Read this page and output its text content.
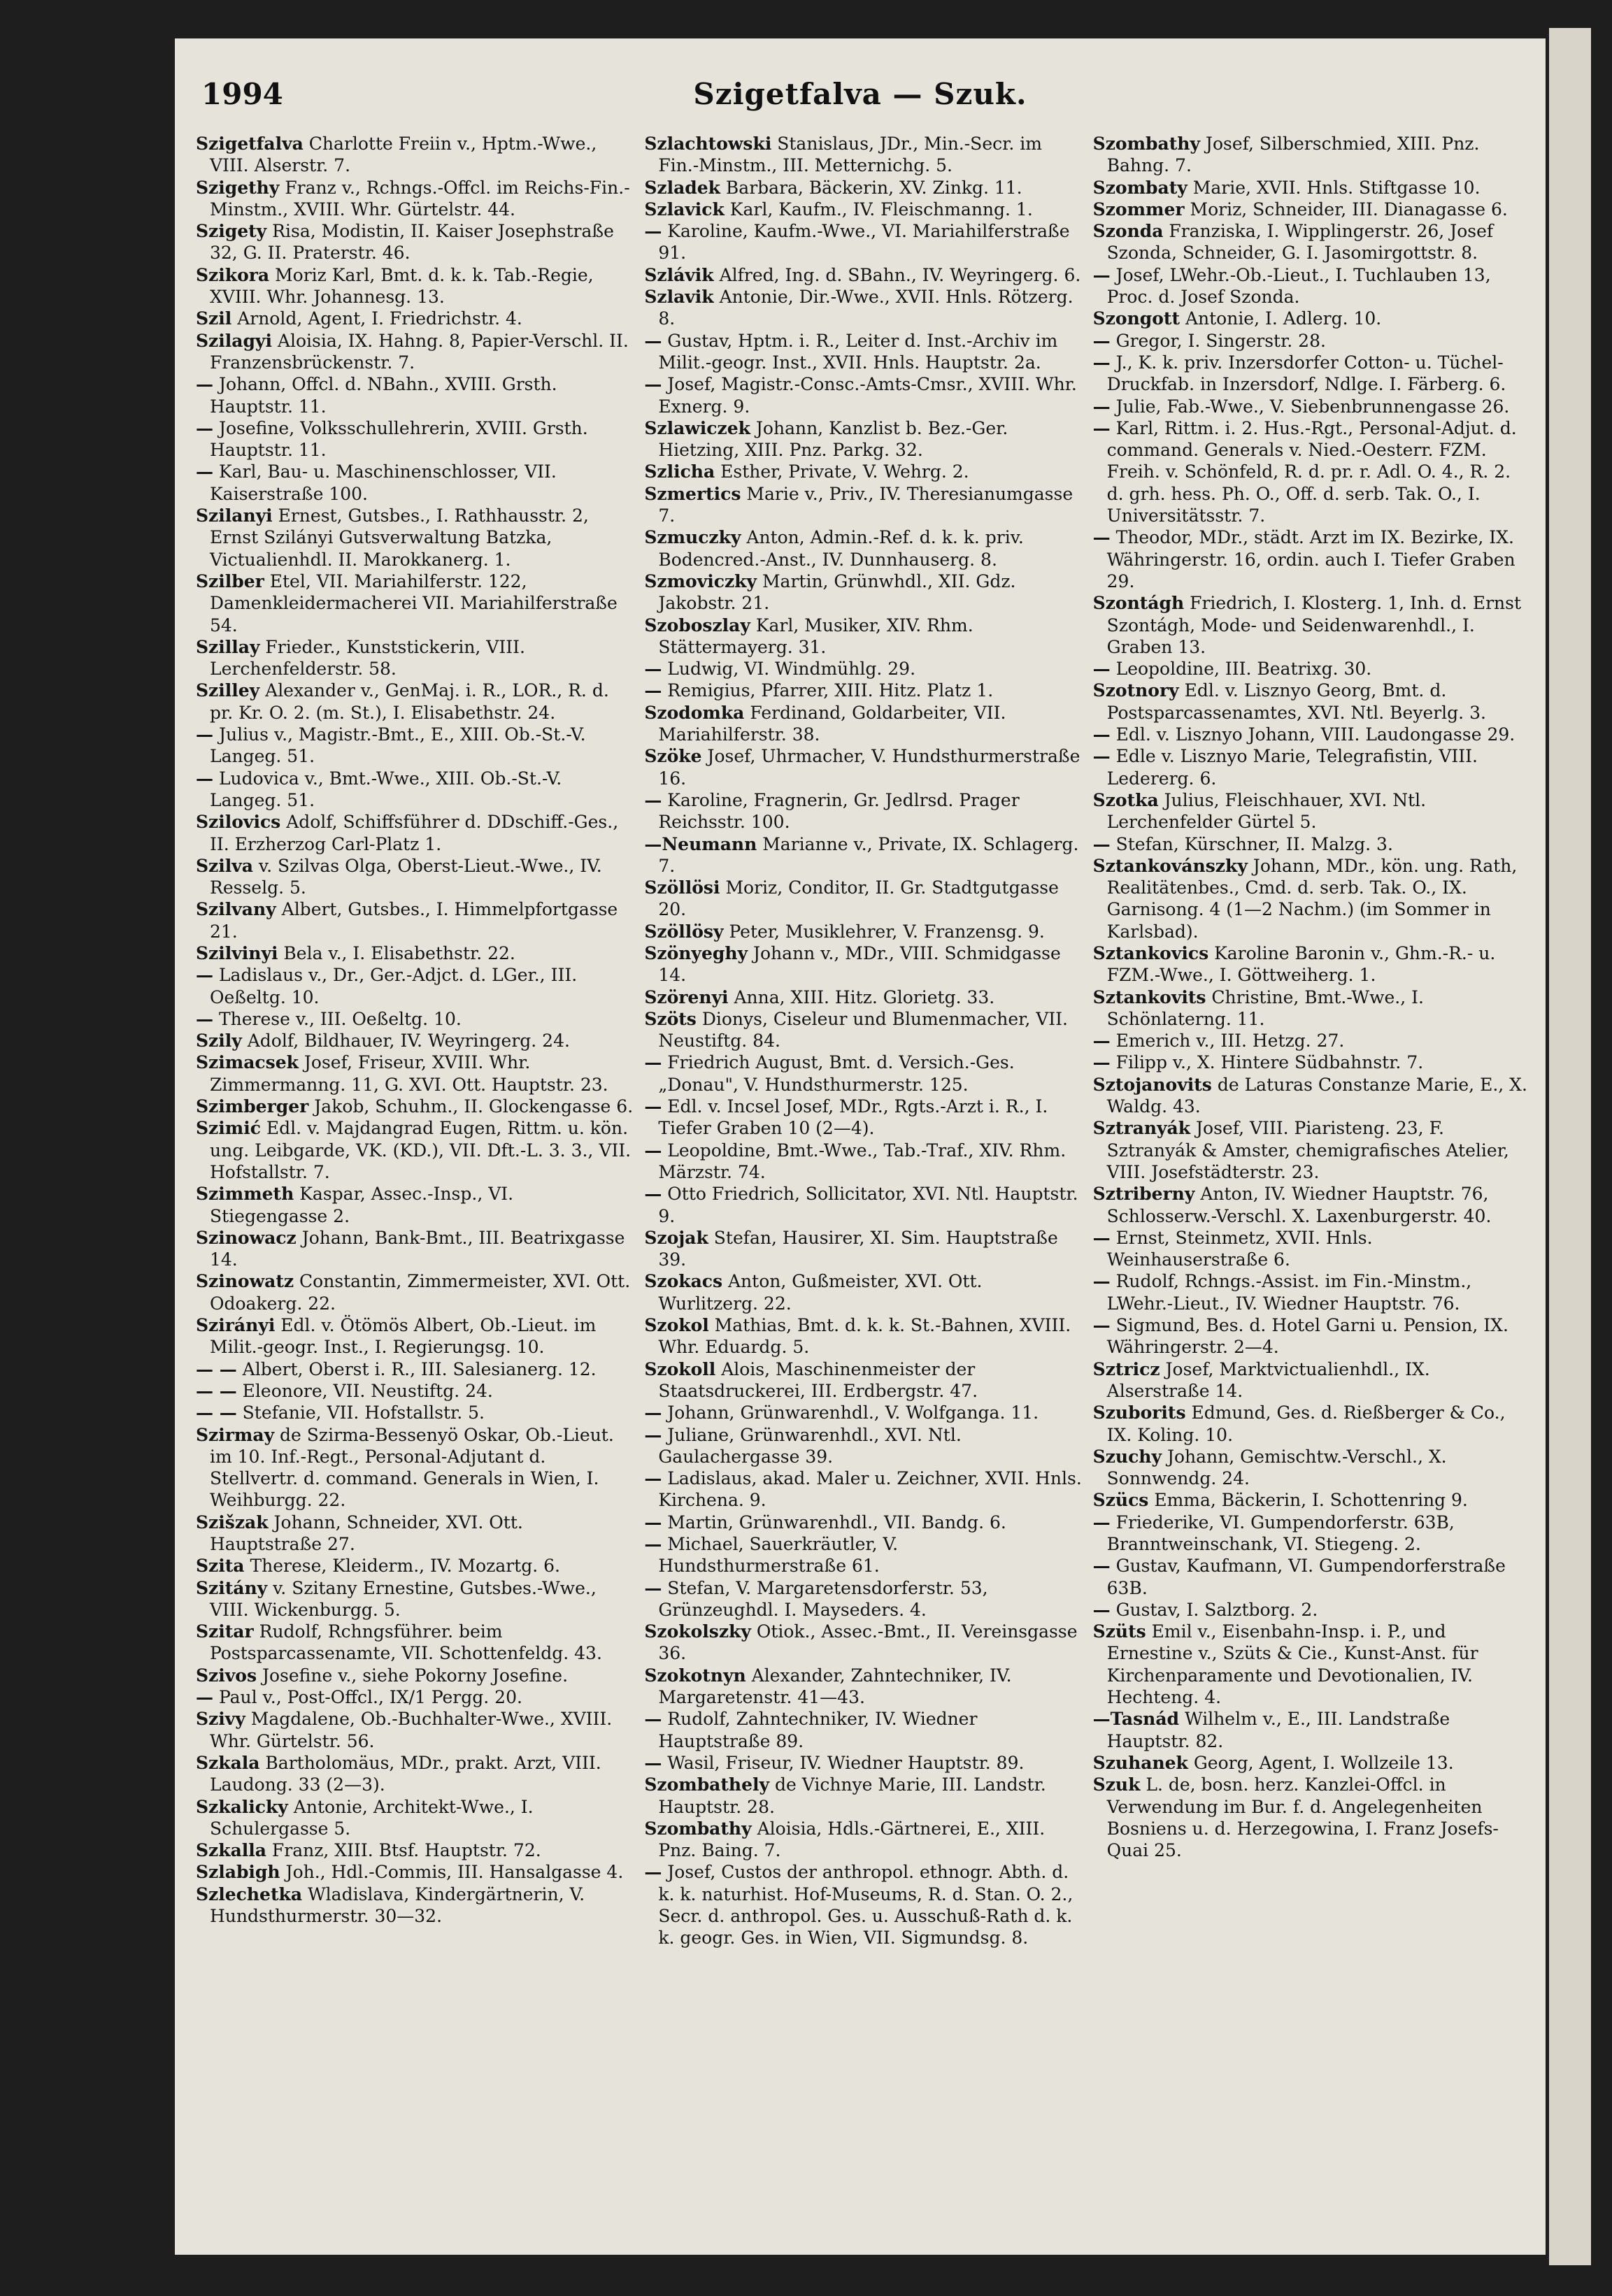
1994	Szigetfalva — Szuk.

Szigetfalva Charlotte Freiin v., Hptm.-Wwe., VIII. Alserstr. 7.

Szigethy Franz v., Rchngs.-Offcl. im Reichs-Fin.-Minstm., XVIII. Whr. Gürtelstr. 44.

Szigety Risa, Modistin, II. Kaiser Josephstraße 32, G. II. Praterstr. 46.

Szikora Moriz Karl, Bmt. d. k. k. Tab.-Regie, XVIII. Whr. Johannesg. 13.

Szil Arnold, Agent, I. Friedrichstr. 4.

Szilagyi Aloisia, IX. Hahng. 8, Papier-Verschl. II. Franzensbrückenstr. 7.

— Johann, Offcl. d. NBahn., XVIII. Grsth. Hauptstr. 11.

— Josefine, Volksschullehrerin, XVIII. Grsth. Hauptstr. 11.

— Karl, Bau- u. Maschinenschlosser, VII. Kaiserstraße 100.

Szilanyi Ernest, Gutsbes., I. Rathhausstr. 2, Ernst Szilányi Gutsverwaltung Batzka, Victualienhdl. II. Marokkanerg. 1.

Szilber Etel, VII. Mariahilferstr. 122, Damenkleidermacherei VII. Mariahilferstraße 54.

Szillay Frieder., Kunststickerin, VIII. Lerchenfelderstr. 58.

Szilley Alexander v., GenMaj. i. R., LOR., R. d. pr. Kr. O. 2. (m. St.), I. Elisabethstr. 24.

— Julius v., Magistr.-Bmt., E., XIII. Ob.-St.-V. Langeg. 51.

— Ludovica v., Bmt.-Wwe., XIII. Ob.-St.-V. Langeg. 51.

Szilovics Adolf, Schiffsführer d. DDschiff.-Ges., II. Erzherzog Carl-Platz 1.

Szilva v. Szilvas Olga, Oberst-Lieut.-Wwe., IV. Resselg. 5.

Szilvany Albert, Gutsbes., I. Himmelpfortgasse 21.

Szilvinyi Bela v., I. Elisabethstr. 22.

— Ladislaus v., Dr., Ger.-Adjct. d. LGer., III. Oeßeltg. 10.

— Therese v., III. Oeßeltg. 10.

Szily Adolf, Bildhauer, IV. Weyringerg. 24.

Szimacsek Josef, Friseur, XVIII. Whr. Zimmermanng. 11, G. XVI. Ott. Hauptstr. 23.

Szimberger Jakob, Schuhm., II. Glockengasse 6.

Szimić Edl. v. Majdangrad Eugen, Rittm. u. kön. ung. Leibgarde, VK. (KD.), VII. Dft.-L. 3. 3., VII. Hofstallstr. 7.

Szimmeth Kaspar, Assec.-Insp., VI. Stiegengasse 2.

Szinowacz Johann, Bank-Bmt., III. Beatrixgasse 14.

Szinowatz Constantin, Zimmermeister, XVI. Ott. Odoakerg. 22.

Szirányi Edl. v. Ötömös Albert, Ob.-Lieut. im Milit.-geogr. Inst., I. Regierungsg. 10.

— — Albert, Oberst i. R., III. Salesianerg. 12.

— — Eleonore, VII. Neustiftg. 24.

— — Stefanie, VII. Hofstallstr. 5.

Szirmay de Szirma-Bessenyö Oskar, Ob.-Lieut. im 10. Inf.-Regt., Personal-Adjutant d. Stellvertr. d. command. Generals in Wien, I. Weihburgg. 22.

Szišzak Johann, Schneider, XVI. Ott. Hauptstraße 27.

Szita Therese, Kleiderm., IV. Mozartg. 6.

Szitány v. Szitany Ernestine, Gutsbes.-Wwe., VIII. Wickenburgg. 5.

Szitar Rudolf, Rchngsführer. beim Postsparcassenamte, VII. Schottenfeldg. 43.

Szivos Josefine v., siehe Pokorny Josefine.

— Paul v., Post-Offcl., IX/1 Pergg. 20.

Szivy Magdalene, Ob.-Buchhalter-Wwe., XVIII. Whr. Gürtelstr. 56.

Szkala Bartholomäus, MDr., prakt. Arzt, VIII. Laudong. 33 (2—3).

Szkalicky Antonie, Architekt-Wwe., I. Schulergasse 5.

Szkalla Franz, XIII. Btsf. Hauptstr. 72.

Szlabigh Joh., Hdl.-Commis, III. Hansalgasse 4.

Szlechetka Wladislava, Kindergärtnerin, V. Hundsthurmerstr. 30—32.

Szlachtowski Stanislaus, JDr., Min.-Secr. im Fin.-Minstm., III. Metternichg. 5.

Szladek Barbara, Bäckerin, XV. Zinkg. 11.

Szlavick Karl, Kaufm., IV. Fleischmanng. 1.

— Karoline, Kaufm.-Wwe., VI. Mariahilferstraße 91.

Szlávik Alfred, Ing. d. SBahn., IV. Weyringerg. 6.

Szlavik Antonie, Dir.-Wwe., XVII. Hnls. Rötzerg. 8.

— Gustav, Hptm. i. R., Leiter d. Inst.-Archiv im Milit.-geogr. Inst., XVII. Hnls. Hauptstr. 2a.

— Josef, Magistr.-Consc.-Amts-Cmsr., XVIII. Whr. Exnerg. 9.

Szlawiczek Johann, Kanzlist b. Bez.-Ger. Hietzing, XIII. Pnz. Parkg. 32.

Szlicha Esther, Private, V. Wehrg. 2.

Szmertics Marie v., Priv., IV. Theresianumgasse 7.

Szmuczky Anton, Admin.-Ref. d. k. k. priv. Bodencred.-Anst., IV. Dunnhauserg. 8.

Szmoviczky Martin, Grünwhdl., XII. Gdz. Jakobstr. 21.

Szoboszlay Karl, Musiker, XIV. Rhm. Stättermayerg. 31.

— Ludwig, VI. Windmühlg. 29.

— Remigius, Pfarrer, XIII. Hitz. Platz 1.

Szodomka Ferdinand, Goldarbeiter, VII. Mariahilferstr. 38.

Szöke Josef, Uhrmacher, V. Hundsthurmerstraße 16.

— Karoline, Fragnerin, Gr. Jedlrsd. Prager Reichsstr. 100.

—Neumann Marianne v., Private, IX. Schlagerg. 7.

Szöllösi Moriz, Conditor, II. Gr. Stadtgutgasse 20.

Szöllösy Peter, Musiklehrer, V. Franzensg. 9.

Szönyeghy Johann v., MDr., VIII. Schmidgasse 14.

Szörenyi Anna, XIII. Hitz. Glorietg. 33.

Szöts Dionys, Ciseleur und Blumenmacher, VII. Neustiftg. 84.

— Friedrich August, Bmt. d. Versich.-Ges. „Donau", V. Hundsthurmerstr. 125.

— Edl. v. Incsel Josef, MDr., Rgts.-Arzt i. R., I. Tiefer Graben 10 (2—4).

— Leopoldine, Bmt.-Wwe., Tab.-Traf., XIV. Rhm. Märzstr. 74.

— Otto Friedrich, Sollicitator, XVI. Ntl. Hauptstr. 9.

Szojak Stefan, Hausirer, XI. Sim. Hauptstraße 39.

Szokacs Anton, Gußmeister, XVI. Ott. Wurlitzerg. 22.

Szokol Mathias, Bmt. d. k. k. St.-Bahnen, XVIII. Whr. Eduardg. 5.

Szokoll Alois, Maschinenmeister der Staatsdruckerei, III. Erdbergstr. 47.

— Johann, Grünwarenhdl., V. Wolfganga. 11.

— Juliane, Grünwarenhdl., XVI. Ntl. Gaulachergasse 39.

— Ladislaus, akad. Maler u. Zeichner, XVII. Hnls. Kirchena. 9.

— Martin, Grünwarenhdl., VII. Bandg. 6.

— Michael, Sauerkräutler, V. Hundsthurmerstraße 61.

— Stefan, V. Margaretensdorferstr. 53, Grünzeughdl. I. Mayseders. 4.

Szokolszky Otiok., Assec.-Bmt., II. Vereinsgasse 36.

Szokotnyn Alexander, Zahntechniker, IV. Margaretenstr. 41—43.

— Rudolf, Zahntechniker, IV. Wiedner Hauptstraße 89.

— Wasil, Friseur, IV. Wiedner Hauptstr. 89.

Szombathely de Vichnye Marie, III. Landstr. Hauptstr. 28.

Szombathy Aloisia, Hdls.-Gärtnerei, E., XIII. Pnz. Baing. 7.

— Josef, Custos der anthropol. ethnogr. Abth. d. k. k. naturhist. Hof-Museums, R. d. Stan. O. 2., Secr. d. anthropol. Ges. u. Ausschuß-Rath d. k. k. geogr. Ges. in Wien, VII. Sigmundsg. 8.

Szombathy Josef, Silberschmied, XIII. Pnz. Bahng. 7.

Szombaty Marie, XVII. Hnls. Stiftgasse 10.

Szommer Moriz, Schneider, III. Dianagasse 6.

Szonda Franziska, I. Wipplingerstr. 26, Josef Szonda, Schneider, G. I. Jasomirgottstr. 8.

— Josef, LWehr.-Ob.-Lieut., I. Tuchlauben 13, Proc. d. Josef Szonda.

Szongott Antonie, I. Adlerg. 10.

— Gregor, I. Singerstr. 28.

— J., K. k. priv. Inzersdorfer Cotton- u. Tüchel-Druckfab. in Inzersdorf, Ndlge. I. Färberg. 6.

— Julie, Fab.-Wwe., V. Siebenbrunnengasse 26.

— Karl, Rittm. i. 2. Hus.-Rgt., Personal-Adjut. d. command. Generals v. Nied.-Oesterr. FZM. Freih. v. Schönfeld, R. d. pr. r. Adl. O. 4., R. 2. d. grh. hess. Ph. O., Off. d. serb. Tak. O., I. Universitätsstr. 7.

— Theodor, MDr., städt. Arzt im IX. Bezirke, IX. Währingerstr. 16, ordin. auch I. Tiefer Graben 29.

Szontágh Friedrich, I. Klosterg. 1, Inh. d. Ernst Szontágh, Mode- und Seidenwarenhdl., I. Graben 13.

— Leopoldine, III. Beatrixg. 30.

Szotnory Edl. v. Lisznyo Georg, Bmt. d. Postsparcassenamtes, XVI. Ntl. Beyerlg. 3.

— Edl. v. Lisznyo Johann, VIII. Laudongasse 29.

— Edle v. Lisznyo Marie, Telegrafistin, VIII. Ledererg. 6.

Szotka Julius, Fleischhauer, XVI. Ntl. Lerchenfelder Gürtel 5.

— Stefan, Kürschner, II. Malzg. 3.

Sztankovánszky Johann, MDr., kön. ung. Rath, Realitätenbes., Cmd. d. serb. Tak. O., IX. Garnisong. 4 (1—2 Nachm.) (im Sommer in Karlsbad).

Sztankovics Karoline Baronin v., Ghm.-R.- u. FZM.-Wwe., I. Göttweiherg. 1.

Sztankovits Christine, Bmt.-Wwe., I. Schönlaterng. 11.

— Emerich v., III. Hetzg. 27.

— Filipp v., X. Hintere Südbahnstr. 7.

Sztojanovits de Laturas Constanze Marie, E., X. Waldg. 43.

Sztranyák Josef, VIII. Piaristeng. 23, F. Sztranyák & Amster, chemigrafisches Atelier, VIII. Josefstädterstr. 23.

Sztriberny Anton, IV. Wiedner Hauptstr. 76, Schlosserw.-Verschl. X. Laxenburgerstr. 40.

— Ernst, Steinmetz, XVII. Hnls. Weinhauserstraße 6.

— Rudolf, Rchngs.-Assist. im Fin.-Minstm., LWehr.-Lieut., IV. Wiedner Hauptstr. 76.

— Sigmund, Bes. d. Hotel Garni u. Pension, IX. Währingerstr. 2—4.

Sztricz Josef, Marktvictualienhdl., IX. Alserstraße 14.

Szuborits Edmund, Ges. d. Rießberger & Co., IX. Koling. 10.

Szuchy Johann, Gemischtw.-Verschl., X. Sonnwendg. 24.

Szücs Emma, Bäckerin, I. Schottenring 9.

— Friederike, VI. Gumpendorferstr. 63B, Branntweinschank, VI. Stiegeng. 2.

— Gustav, Kaufmann, VI. Gumpendorferstraße 63B.

— Gustav, I. Salztborg. 2.

Szüts Emil v., Eisenbahn-Insp. i. P., und Ernestine v., Szüts & Cie., Kunst-Anst. für Kirchenparamente und Devotionalien, IV. Hechteng. 4.

—Tasnád Wilhelm v., E., III. Landstraße Hauptstr. 82.

Szuhanek Georg, Agent, I. Wollzeile 13.

Szuk L. de, bosn. herz. Kanzlei-Offcl. in Verwendung im Bur. f. d. Angelegenheiten Bosniens u. d. Herzegowina, I. Franz Josefs-Quai 25.
